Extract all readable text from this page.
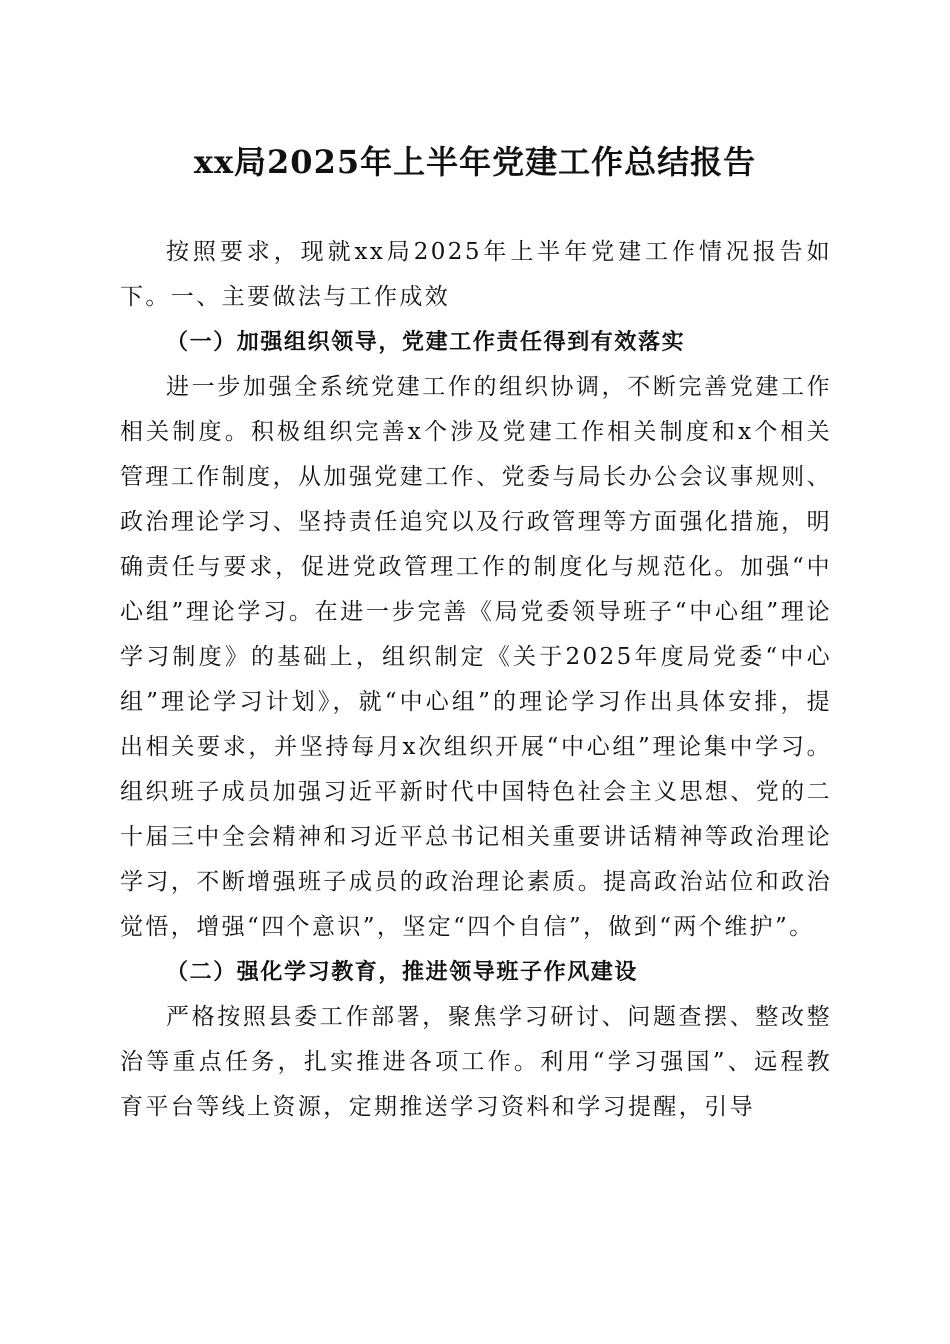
xx局2025年上半年党建工作总结报告

按照要求，现就xx局2025年上半年党建工作情况报告如下。一、主要做法与工作成效

（一）加强组织领导，党建工作责任得到有效落实

进一步加强全系统党建工作的组织协调，不断完善党建工作相关制度。积极组织完善x个涉及党建工作相关制度和x个相关管理工作制度，从加强党建工作、党委与局长办公会议事规则、政治理论学习、坚持责任追究以及行政管理等方面强化措施，明确责任与要求，促进党政管理工作的制度化与规范化。加强“中心组”理论学习。在进一步完善《局党委领导班子“中心组”理论学习制度》的基础上，组织制定《关于2025年度局党委“中心组”理论学习计划》，就“中心组”的理论学习作出具体安排，提出相关要求，并坚持每月x次组织开展“中心组”理论集中学习。组织班子成员加强习近平新时代中国特色社会主义思想、党的二十届三中全会精神和习近平总书记相关重要讲话精神等政治理论学习，不断增强班子成员的政治理论素质。提高政治站位和政治觉悟，增强“四个意识”，坚定“四个自信”，做到“两个维护”。

（二）强化学习教育，推进领导班子作风建设

严格按照县委工作部署，聚焦学习研讨、问题查摆、整改整治等重点任务，扎实推进各项工作。利用“学习强国”、远程教育平台等线上资源，定期推送学习资料和学习提醒，引导
